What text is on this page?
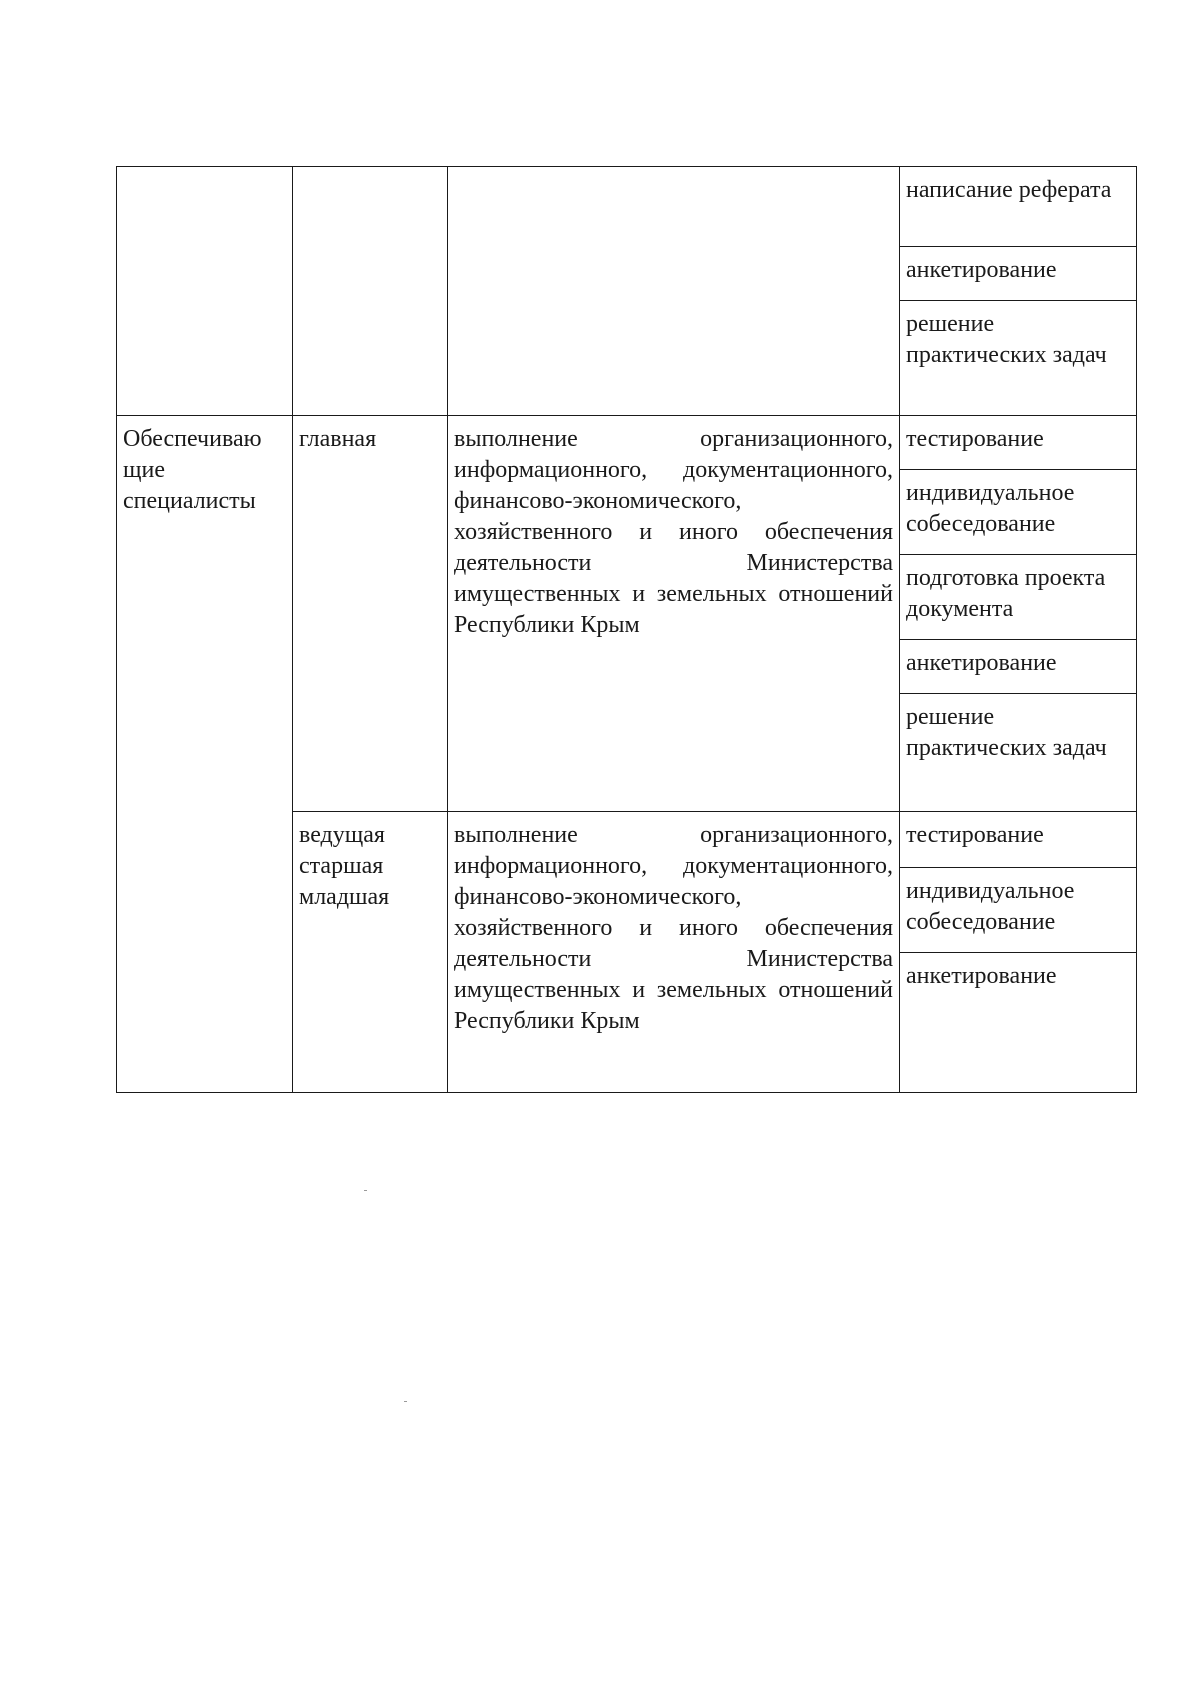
			написание реферата
			анкетирование
			решение практических задач
Обеспечиваю щие специалисты	главная	выполнение организационного, информационного, документационного, финансово-экономического, хозяйственного и иного обеспечения деятельности Министерства имущественных и земельных отношений Республики Крым	тестирование
			индивидуальное собеседование
			подготовка проекта документа
			анкетирование
			решение практических задач
	ведущая старшая младшая	выполнение организационного, информационного, документационного, финансово-экономического, хозяйственного и иного обеспечения деятельности Министерства имущественных и земельных отношений Республики Крым	тестирование
			индивидуальное собеседование
			анкетирование
